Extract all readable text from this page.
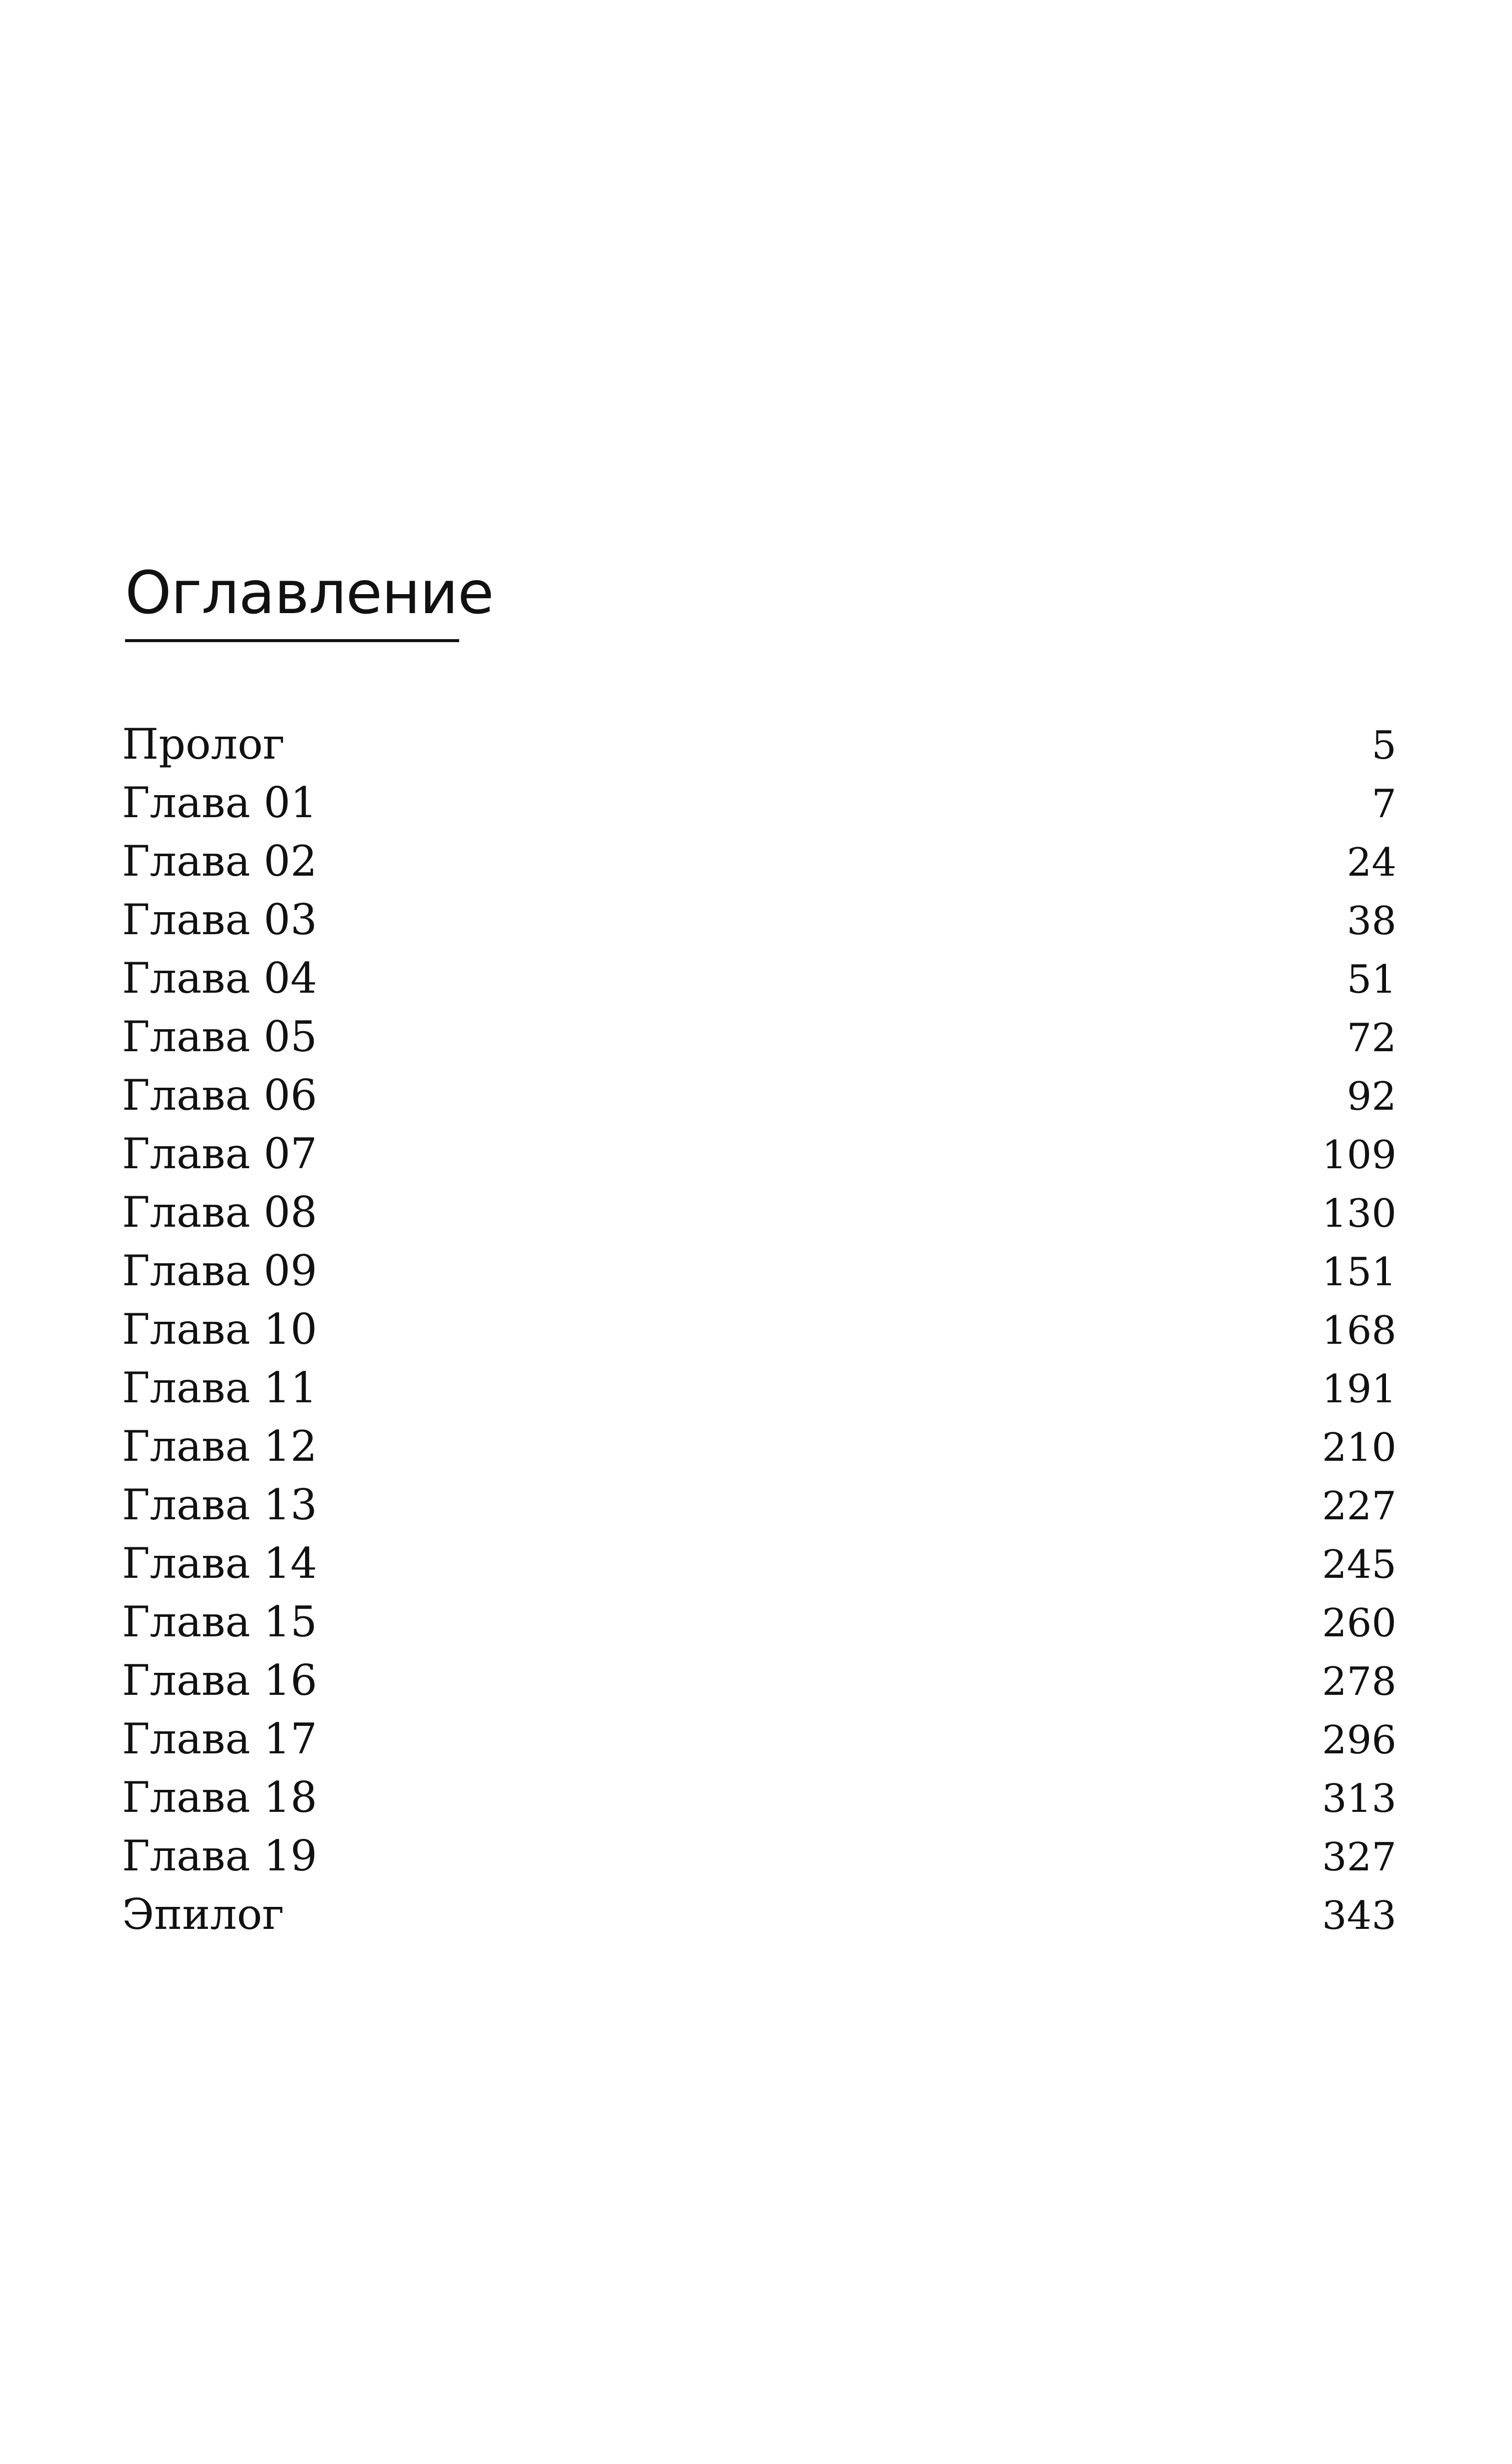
Оглавление
Пролог	5
Глава 01	7
Глава 02	24
Глава 03	38
Глава 04	51
Глава 05	72
Глава 06	92
Глава 07	109
Глава 08	130
Глава 09	151
Глава 10	168
Глава 11	191
Глава 12	210
Глава 13	227
Глава 14	245
Глава 15	260
Глава 16	278
Глава 17	296
Глава 18	313
Глава 19	327
Эпилог	343
